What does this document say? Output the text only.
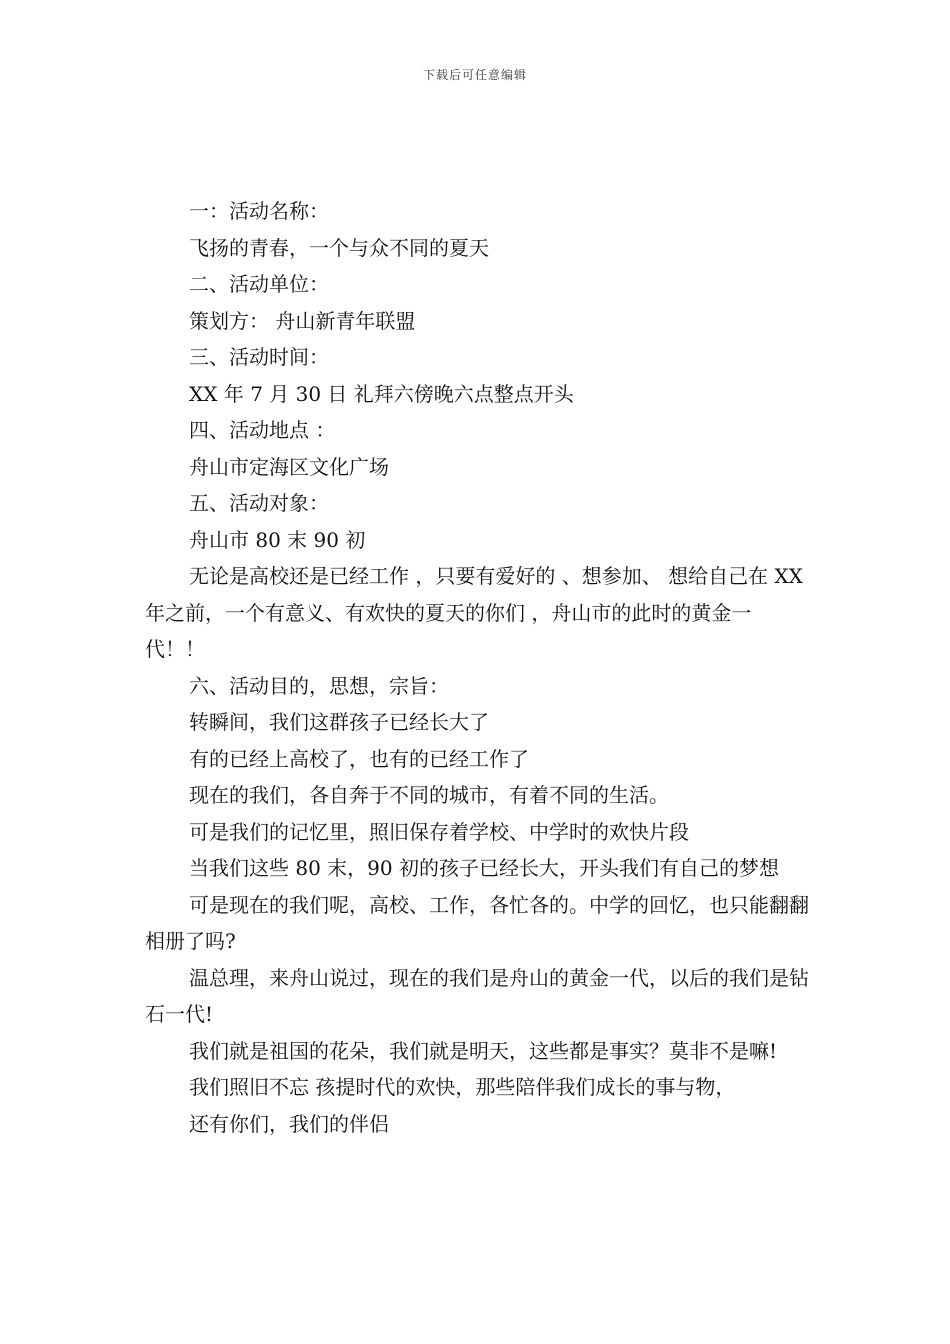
下载后可任意编辑

一：活动名称：

飞扬的青春，一个与众不同的夏天

二、活动单位：

策划方： 舟山新青年联盟

三、活动时间：

XX 年 7 月 30 日 礼拜六傍晚六点整点开头

四、活动地点 ：

舟山市定海区文化广场

五、活动对象：

舟山市 80 末 90 初

无论是高校还是已经工作 ，只要有爱好的 、想参加、 想给自己在 XX 年之前，一个有意义、有欢快的夏天的你们 ，舟山市的此时的黄金一代！！

六、活动目的，思想，宗旨：

转瞬间，我们这群孩子已经长大了

有的已经上高校了，也有的已经工作了

现在的我们，各自奔于不同的城市，有着不同的生活。

可是我们的记忆里，照旧保存着学校、中学时的欢快片段

当我们这些 80 末，90 初的孩子已经长大，开头我们有自己的梦想

可是现在的我们呢，高校、工作，各忙各的。中学的回忆，也只能翻翻相册了吗?

温总理，来舟山说过，现在的我们是舟山的黄金一代，以后的我们是钻石一代!

我们就是祖国的花朵，我们就是明天，这些都是事实？莫非不是嘛!

我们照旧不忘 孩提时代的欢快，那些陪伴我们成长的事与物，

还有你们，我们的伴侣
